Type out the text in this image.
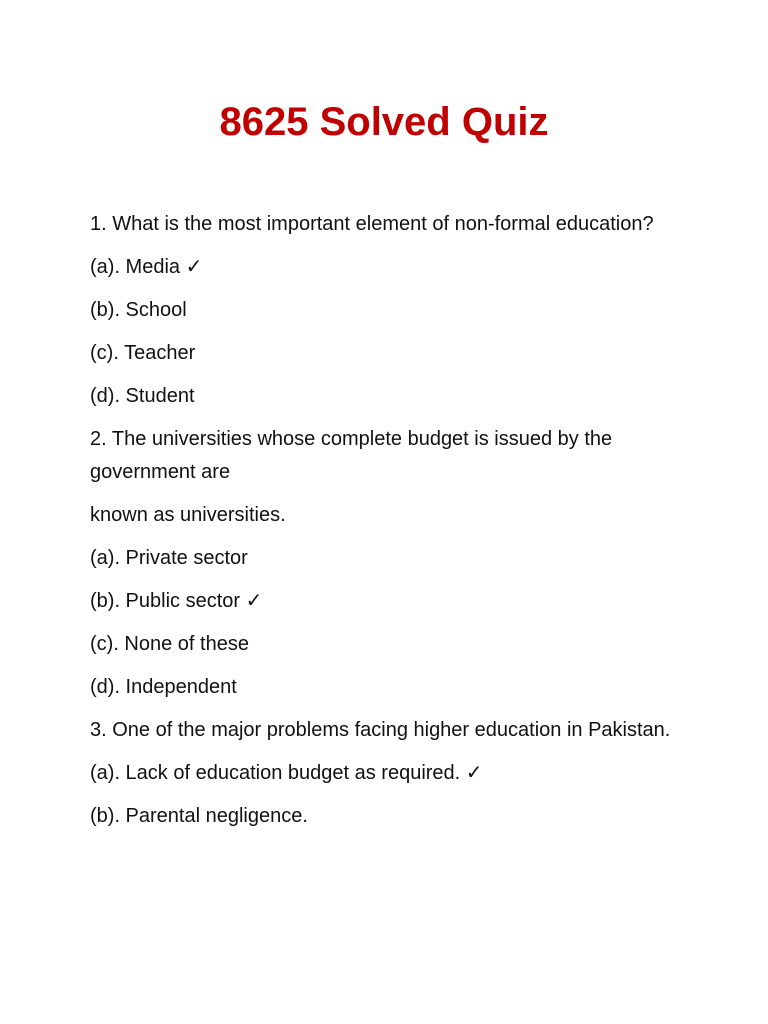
8625 Solved Quiz

1. What is the most important element of non-formal education?

(a). Media ✓

(b). School

(c). Teacher

(d). Student

2. The universities whose complete budget is issued by the government are

known as universities.

(a). Private sector

(b). Public sector ✓

(c). None of these

(d). Independent

3. One of the major problems facing higher education in Pakistan.

(a). Lack of education budget as required. ✓

(b). Parental negligence.
